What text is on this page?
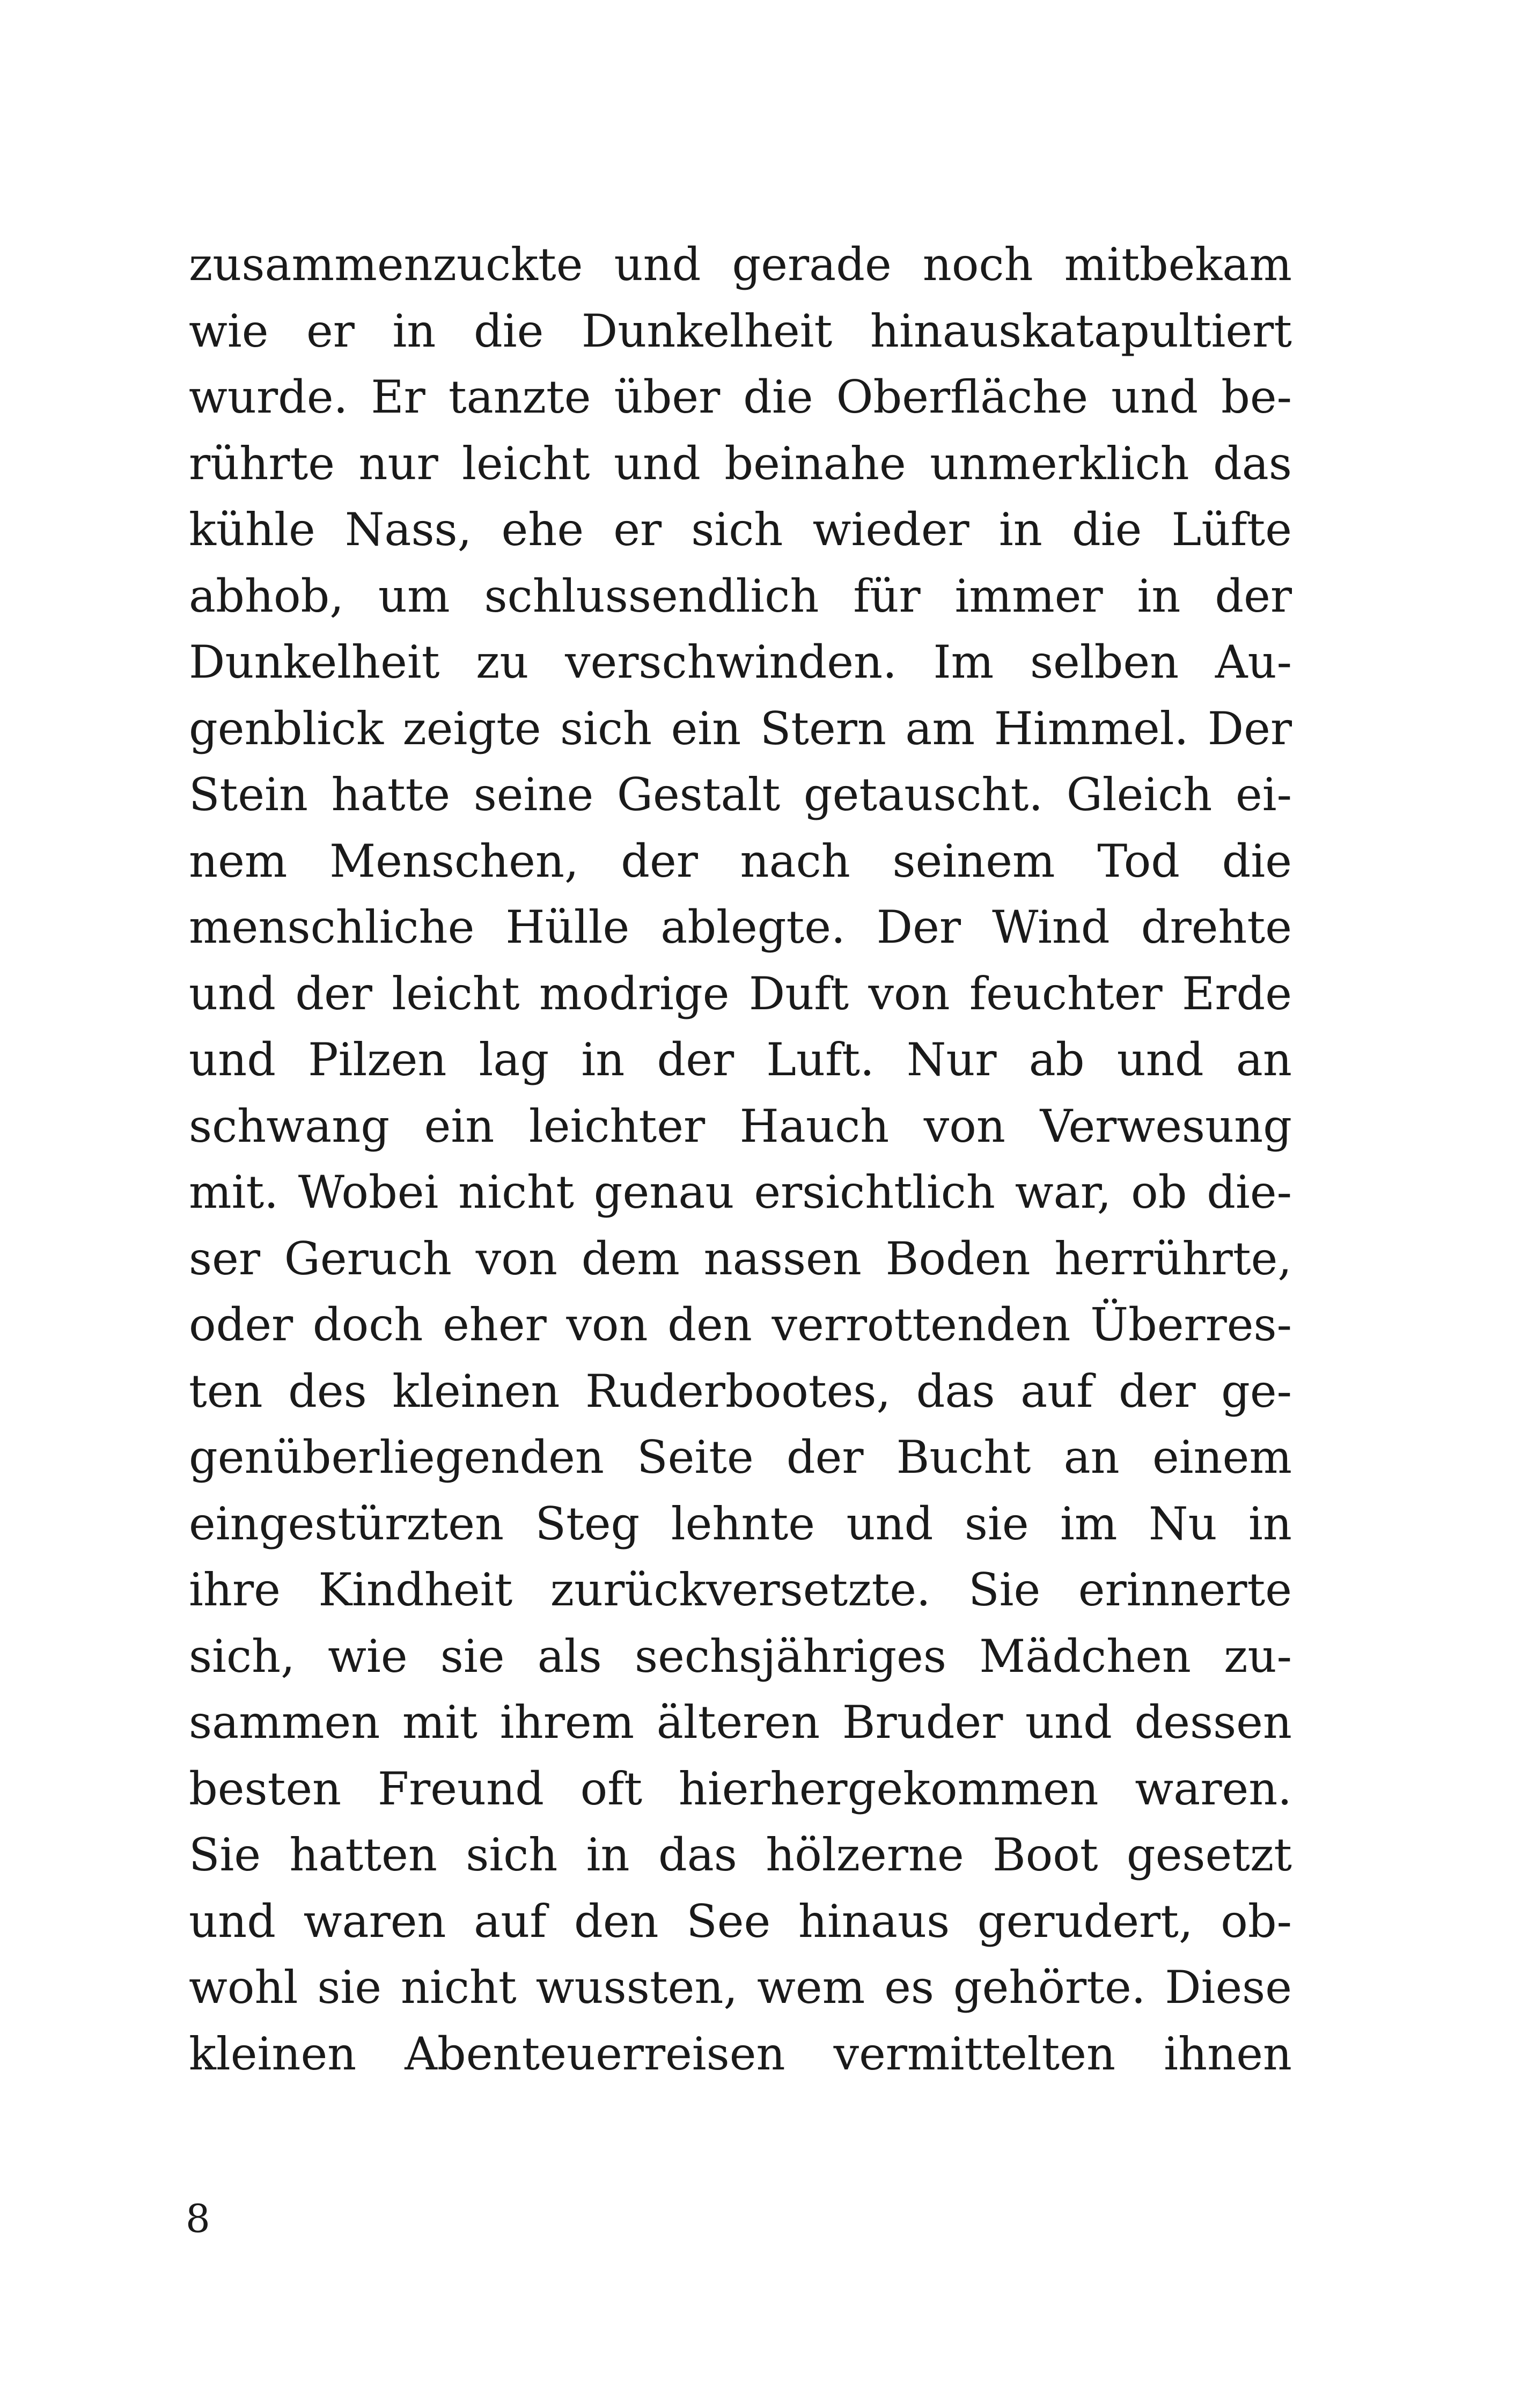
zusammenzuckte und gerade noch mitbekam
wie er in die Dunkelheit hinauskatapultiert
wurde. Er tanzte über die Oberfläche und be-
rührte nur leicht und beinahe unmerklich das
kühle Nass, ehe er sich wieder in die Lüfte
abhob, um schlussendlich für immer in der
Dunkelheit zu verschwinden. Im selben Au-
genblick zeigte sich ein Stern am Himmel. Der
Stein hatte seine Gestalt getauscht. Gleich ei-
nem Menschen, der nach seinem Tod die
menschliche Hülle ablegte. Der Wind drehte
und der leicht modrige Duft von feuchter Erde
und Pilzen lag in der Luft. Nur ab und an
schwang ein leichter Hauch von Verwesung
mit. Wobei nicht genau ersichtlich war, ob die-
ser Geruch von dem nassen Boden herrührte,
oder doch eher von den verrottenden Überres-
ten des kleinen Ruderbootes, das auf der ge-
genüberliegenden Seite der Bucht an einem
eingestürzten Steg lehnte und sie im Nu in
ihre Kindheit zurückversetzte. Sie erinnerte
sich, wie sie als sechsjähriges Mädchen zu-
sammen mit ihrem älteren Bruder und dessen
besten Freund oft hierhergekommen waren.
Sie hatten sich in das hölzerne Boot gesetzt
und waren auf den See hinaus gerudert, ob-
wohl sie nicht wussten, wem es gehörte. Diese
kleinen Abenteuerreisen vermittelten ihnen
8
